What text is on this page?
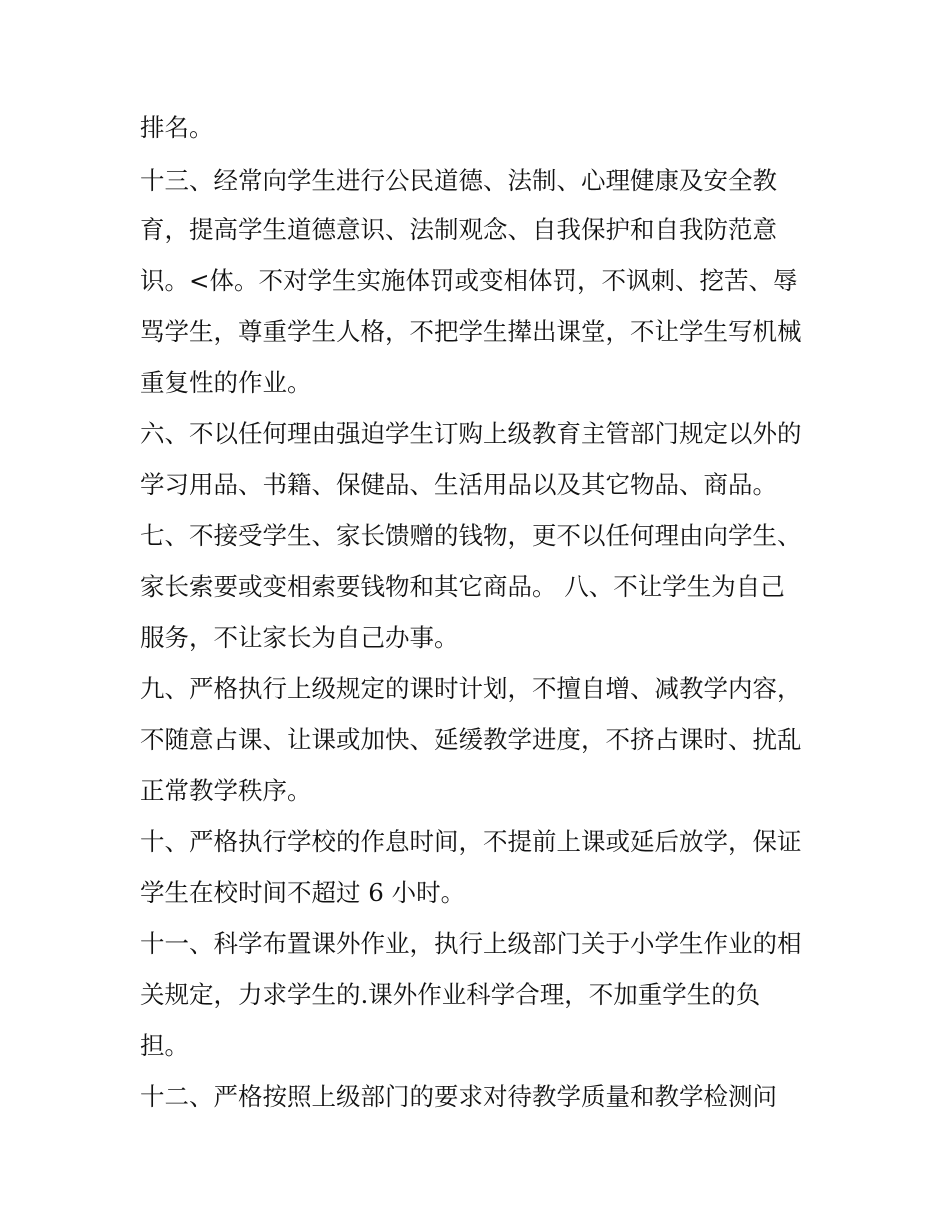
排名。
十三、经常向学生进行公民道德、法制、心理健康及安全教
育，提高学生道德意识、法制观念、自我保护和自我防范意
识。<体。不对学生实施体罚或变相体罚，不讽刺、挖苦、辱
骂学生，尊重学生人格，不把学生撵出课堂，不让学生写机械
重复性的作业。
六、不以任何理由强迫学生订购上级教育主管部门规定以外的
学习用品、书籍、保健品、生活用品以及其它物品、商品。
七、不接受学生、家长馈赠的钱物，更不以任何理由向学生、
家长索要或变相索要钱物和其它商品。 八、不让学生为自己
服务，不让家长为自己办事。
九、严格执行上级规定的课时计划，不擅自增、减教学内容，
不随意占课、让课或加快、延缓教学进度，不挤占课时、扰乱
正常教学秩序。
十、严格执行学校的作息时间，不提前上课或延后放学，保证
学生在校时间不超过 6 小时。
十一、科学布置课外作业，执行上级部门关于小学生作业的相
关规定，力求学生的.课外作业科学合理，不加重学生的负
担。
十二、严格按照上级部门的要求对待教学质量和教学检测问
